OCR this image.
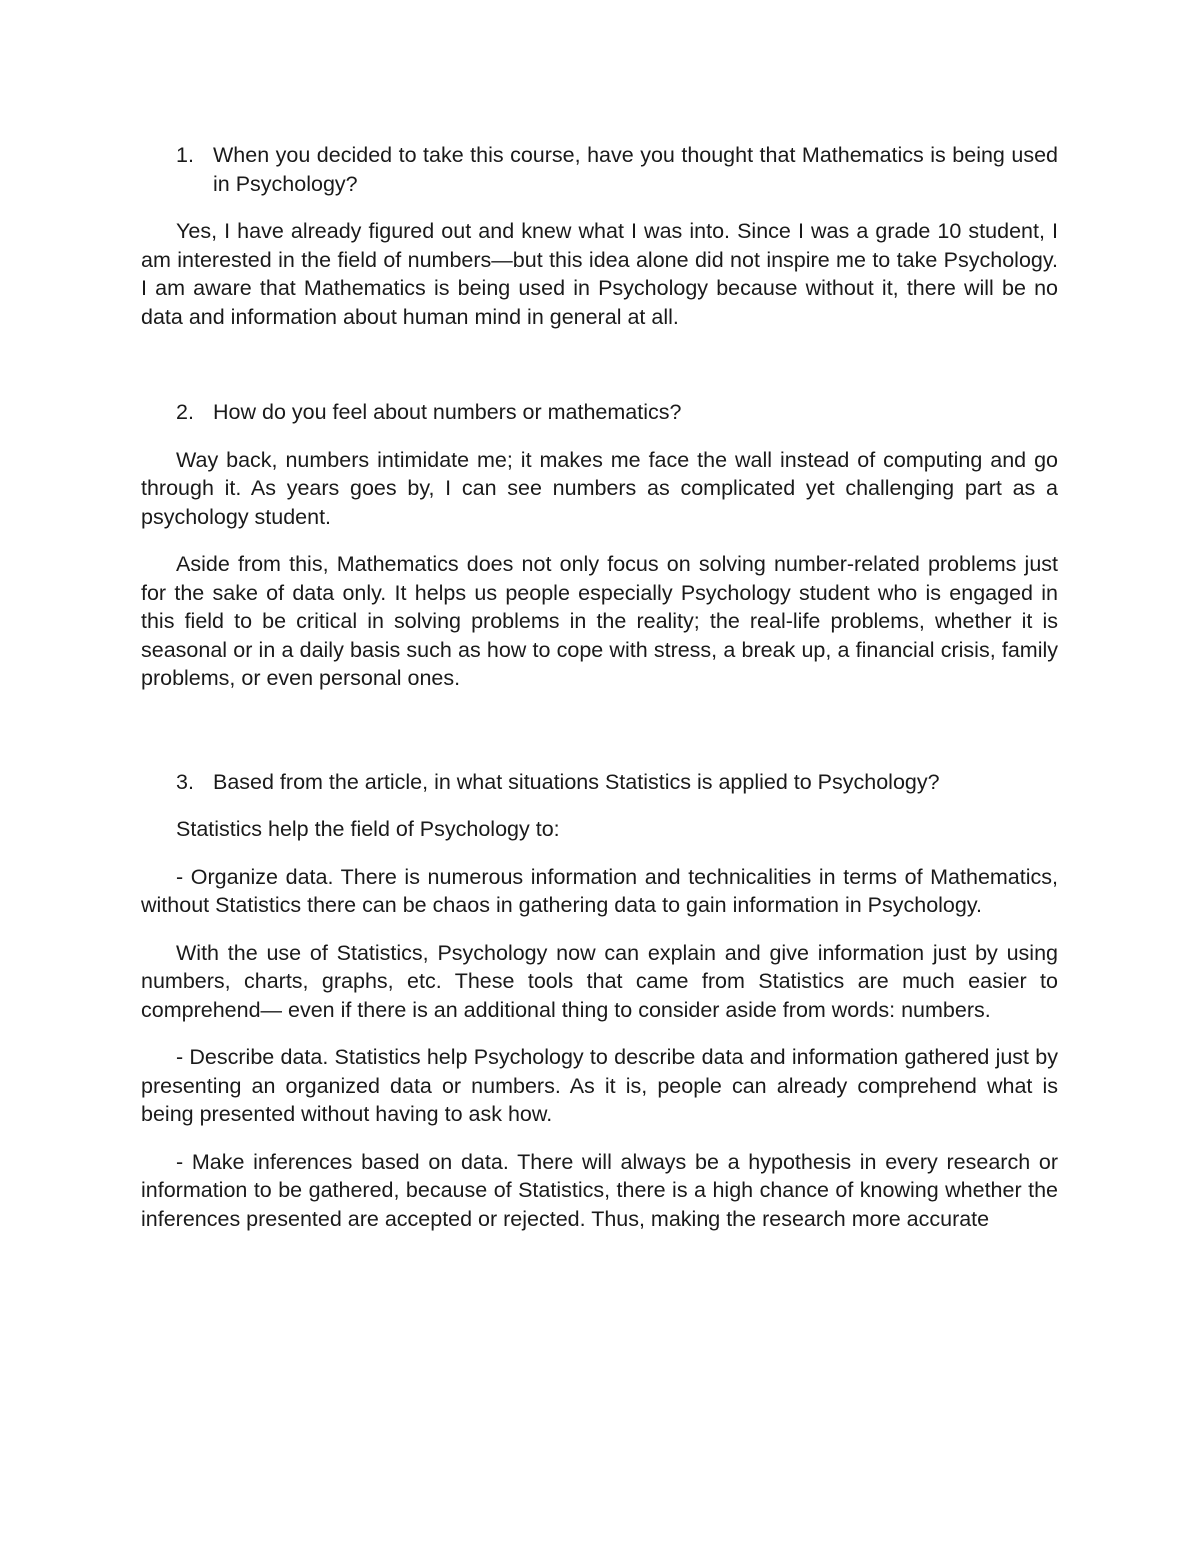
1. When you decided to take this course, have you thought that Mathematics is being used in Psychology?

Yes, I have already figured out and knew what I was into. Since I was a grade 10 student, I am interested in the field of numbers—but this idea alone did not inspire me to take Psychology. I am aware that Mathematics is being used in Psychology because without it, there will be no data and information about human mind in general at all.

2. How do you feel about numbers or mathematics?

Way back, numbers intimidate me; it makes me face the wall instead of computing and go through it. As years goes by, I can see numbers as complicated yet challenging part as a psychology student.

Aside from this, Mathematics does not only focus on solving number-related problems just for the sake of data only. It helps us people especially Psychology student who is engaged in this field to be critical in solving problems in the reality; the real-life problems, whether it is seasonal or in a daily basis such as how to cope with stress, a break up, a financial crisis, family problems, or even personal ones.

3. Based from the article, in what situations Statistics is applied to Psychology?

Statistics help the field of Psychology to:

- Organize data. There is numerous information and technicalities in terms of Mathematics, without Statistics there can be chaos in gathering data to gain information in Psychology.

With the use of Statistics, Psychology now can explain and give information just by using numbers, charts, graphs, etc. These tools that came from Statistics are much easier to comprehend— even if there is an additional thing to consider aside from words: numbers.

- Describe data. Statistics help Psychology to describe data and information gathered just by presenting an organized data or numbers. As it is, people can already comprehend what is being presented without having to ask how.

- Make inferences based on data. There will always be a hypothesis in every research or information to be gathered, because of Statistics, there is a high chance of knowing whether the inferences presented are accepted or rejected. Thus, making the research more accurate
